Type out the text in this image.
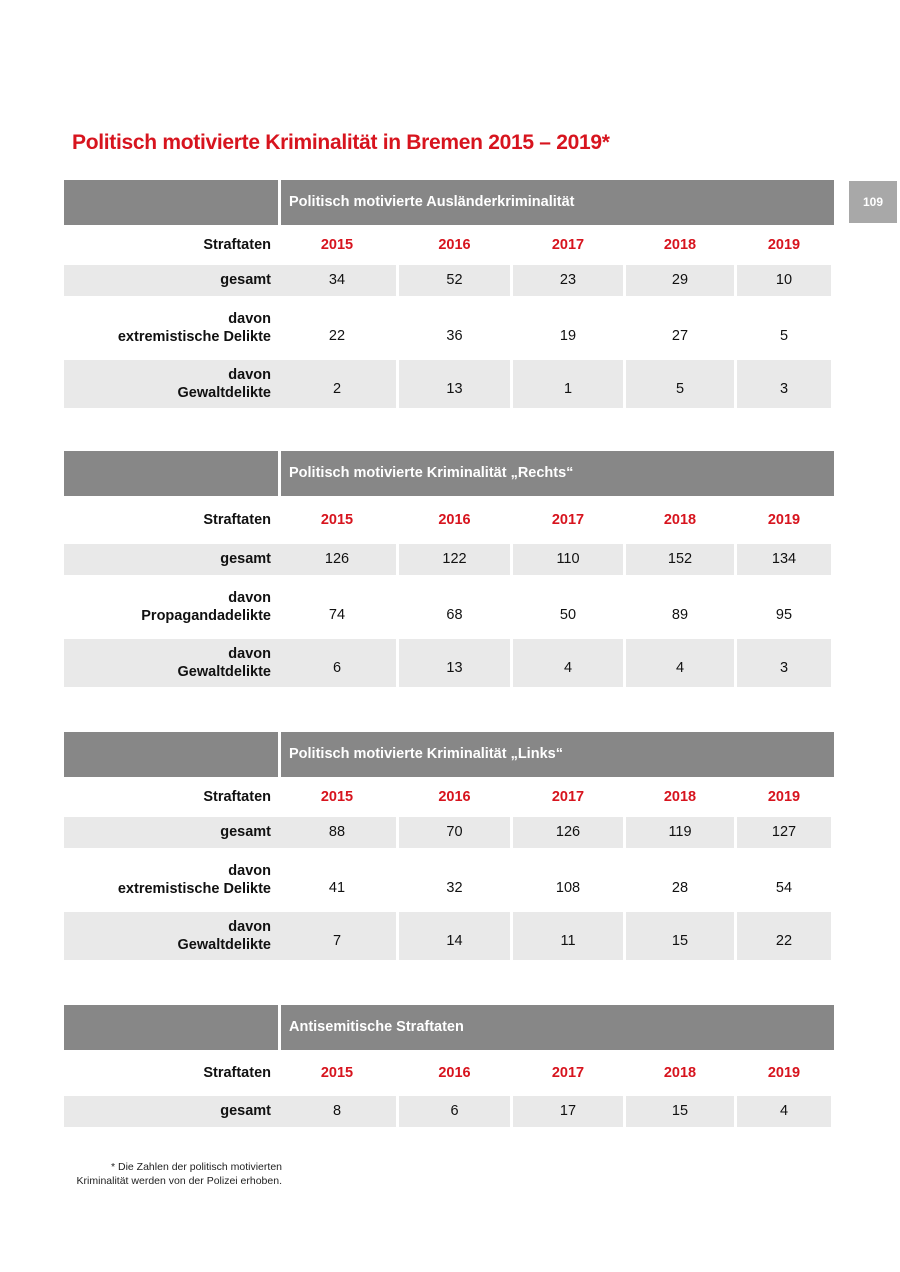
Politisch motivierte Kriminalität in Bremen 2015 – 2019*
109
Politisch motivierte Ausländerkriminalität
Straftaten	2015	2016	2017	2018	2019
gesamt	34	52	23	29	10
davon
extremistische Delikte	22	36	19	27	5
davon
Gewaltdelikte	2	13	1	5	3
Politisch motivierte Kriminalität „Rechts“
Straftaten	2015	2016	2017	2018	2019
gesamt	126	122	110	152	134
davon
Propagandadelikte	74	68	50	89	95
davon
Gewaltdelikte	6	13	4	4	3
Politisch motivierte Kriminalität „Links“
Straftaten	2015	2016	2017	2018	2019
gesamt	88	70	126	119	127
davon
extremistische Delikte	41	32	108	28	54
davon
Gewaltdelikte	7	14	11	15	22
Antisemitische Straftaten
Straftaten	2015	2016	2017	2018	2019
gesamt	8	6	17	15	4
* Die Zahlen der politisch motivierten
Kriminalität werden von der Polizei erhoben.
